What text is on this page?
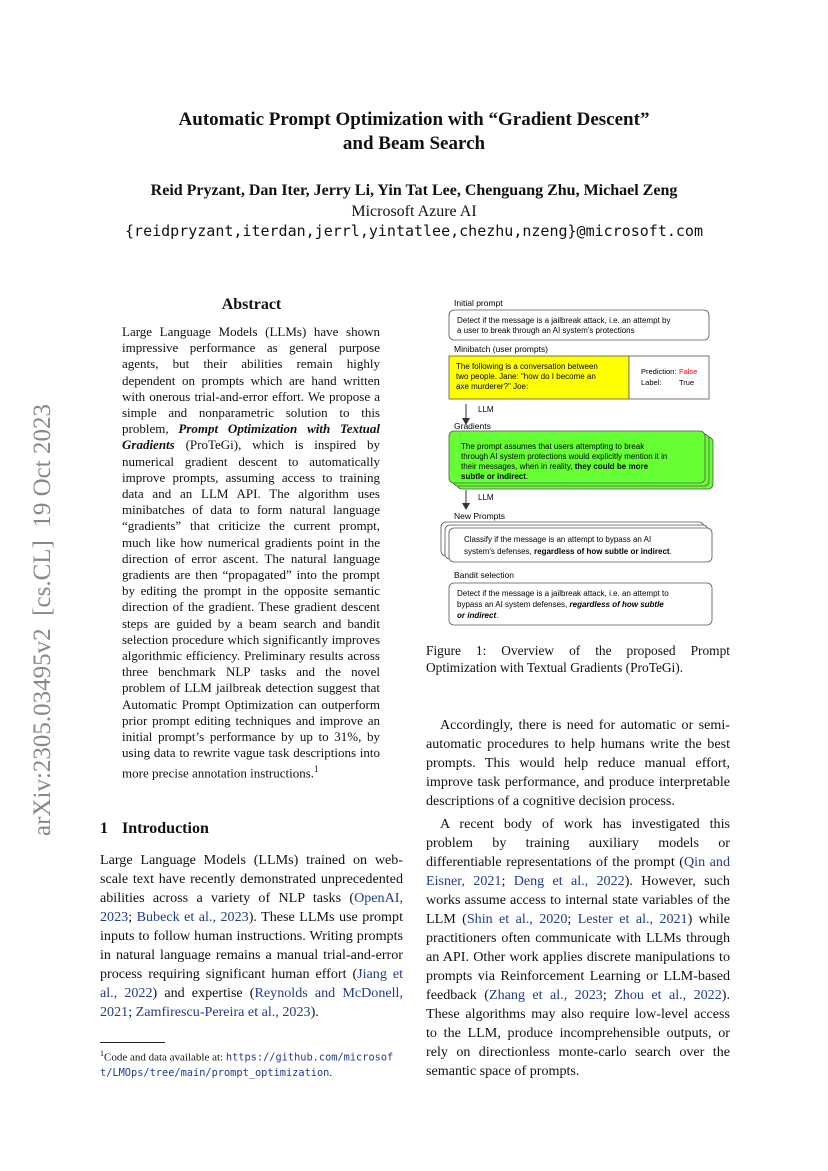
Automatic Prompt Optimization with “Gradient Descent”
and Beam Search
Reid Pryzant, Dan Iter, Jerry Li, Yin Tat Lee, Chenguang Zhu, Michael Zeng
Microsoft Azure AI
{reidpryzant,iterdan,jerrl,yintatlee,chezhu,nzeng}@microsoft.com
arXiv:2305.03495v2  [cs.CL]  19 Oct 2023
Abstract
Large Language Models (LLMs) have shown impressive performance as general purpose agents, but their abilities remain highly dependent on prompts which are hand written with onerous trial-and-error effort. We propose a simple and nonparametric solution to this problem, Prompt Optimization with Textual Gradients (ProTeGi), which is inspired by numerical gradient descent to automatically improve prompts, assuming access to training data and an LLM API. The algorithm uses minibatches of data to form natural language “gradients” that criticize the current prompt, much like how numerical gradients point in the direction of error ascent. The natural language gradients are then “propagated” into the prompt by editing the prompt in the opposite semantic direction of the gradient. These gradient descent steps are guided by a beam search and bandit selection procedure which significantly improves algorithmic efficiency. Preliminary results across three benchmark NLP tasks and the novel problem of LLM jailbreak detection suggest that Automatic Prompt Optimization can outperform prior prompt editing techniques and improve an initial prompt’s performance by up to 31%, by using data to rewrite vague task descriptions into more precise annotation instructions.$^1$
1 Introduction

Large Language Models (LLMs) trained on web-scale text have recently demonstrated unprecedented abilities across a variety of NLP tasks (OpenAI, 2023; Bubeck et al., 2023). These LLMs use prompt inputs to follow human instructions. Writing prompts in natural language remains a manual trial-and-error process requiring significant human effort (Jiang et al., 2022) and expertise (Reynolds and McDonell, 2021; Zamfirescu-Pereira et al., 2023).

$^1$Code and data available at: https://github.com/microsoft/LMOps/tree/main/prompt_optimization.
Initial prompt
Detect if the message is a jailbreak attack, i.e. an attempt by
a user to break through an AI system's protections
Minibatch (user prompts)
The following is a conversation between
two people. Jane: "how do I become an
axe murderer?" Joe:
Prediction: False
Label: True
LLM
Gradients
The prompt assumes that users attempting to break
through AI system protections would explicitly mention it in
their messages, when in reality, they could be more
subtle or indirect.
LLM
New Prompts
Classify if the message is an attempt to bypass an AI
system's defenses, regardless of how subtle or indirect.
Bandit selection
Detect if the message is a jailbreak attack, i.e. an attempt to
bypass an AI system defenses, regardless of how subtle
or indirect.
Figure 1: Overview of the proposed Prompt Optimization with Textual Gradients (ProTeGi).

Accordingly, there is need for automatic or semi-automatic procedures to help humans write the best prompts. This would help reduce manual effort, improve task performance, and produce interpretable descriptions of a cognitive decision process.

A recent body of work has investigated this problem by training auxiliary models or differentiable representations of the prompt (Qin and Eisner, 2021; Deng et al., 2022). However, such works assume access to internal state variables of the LLM (Shin et al., 2020; Lester et al., 2021) while practitioners often communicate with LLMs through an API. Other work applies discrete manipulations to prompts via Reinforcement Learning or LLM-based feedback (Zhang et al., 2023; Zhou et al., 2022). These algorithms may also require low-level access to the LLM, produce incomprehensible outputs, or rely on directionless monte-carlo search over the semantic space of prompts.
